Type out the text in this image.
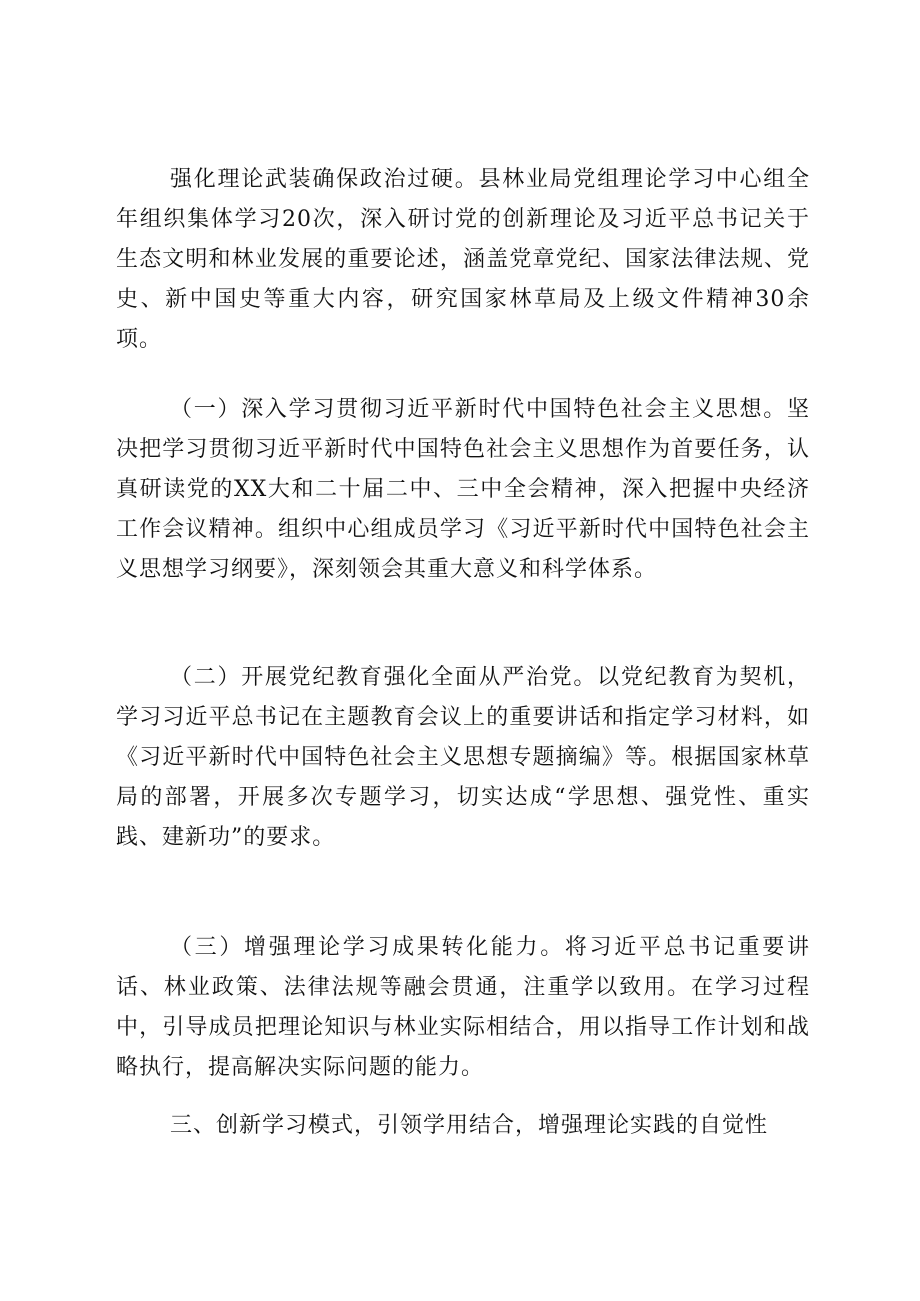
强化理论武装确保政治过硬。县林业局党组理论学习中心组全年组织集体学习20次，深入研讨党的创新理论及习近平总书记关于生态文明和林业发展的重要论述，涵盖党章党纪、国家法律法规、党史、新中国史等重大内容，研究国家林草局及上级文件精神30余项。

（一）深入学习贯彻习近平新时代中国特色社会主义思想。坚决把学习贯彻习近平新时代中国特色社会主义思想作为首要任务，认真研读党的XX大和二十届二中、三中全会精神，深入把握中央经济工作会议精神。组织中心组成员学习《习近平新时代中国特色社会主义思想学习纲要》，深刻领会其重大意义和科学体系。

（二）开展党纪教育强化全面从严治党。以党纪教育为契机，学习习近平总书记在主题教育会议上的重要讲话和指定学习材料，如《习近平新时代中国特色社会主义思想专题摘编》等。根据国家林草局的部署，开展多次专题学习，切实达成“学思想、强党性、重实践、建新功”的要求。

（三）增强理论学习成果转化能力。将习近平总书记重要讲话、林业政策、法律法规等融会贯通，注重学以致用。在学习过程中，引导成员把理论知识与林业实际相结合，用以指导工作计划和战略执行，提高解决实际问题的能力。

三、创新学习模式，引领学用结合，增强理论实践的自觉性
